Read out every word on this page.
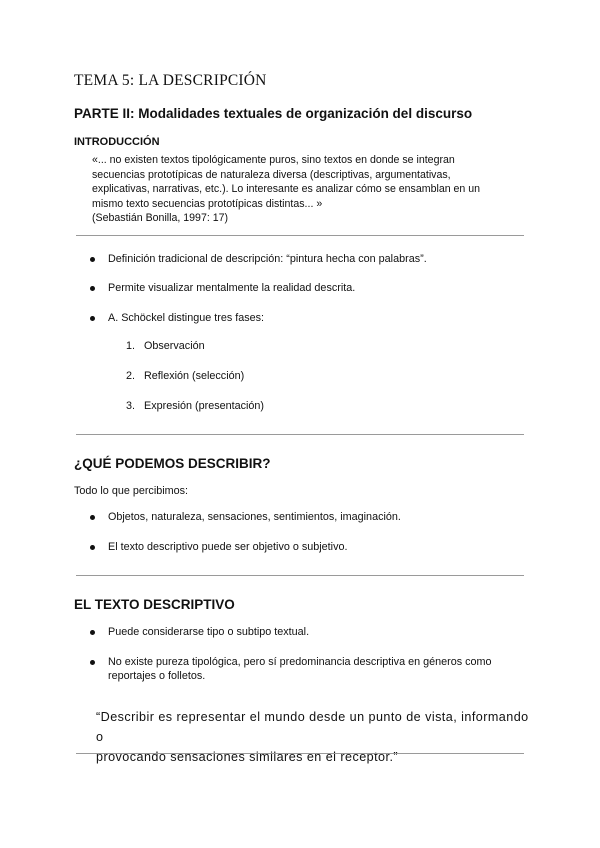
TEMA 5: LA DESCRIPCIÓN
PARTE II: Modalidades textuales de organización del discurso
INTRODUCCIÓN
«... no existen textos tipológicamente puros, sino textos en donde se integran
secuencias prototípicas de naturaleza diversa (descriptivas, argumentativas,
explicativas, narrativas, etc.). Lo interesante es analizar cómo se ensamblan en un
mismo texto secuencias prototípicas distintas... »
(Sebastián Bonilla, 1997: 17)
Definición tradicional de descripción: “pintura hecha con palabras”.
Permite visualizar mentalmente la realidad descrita.
A. Schöckel distingue tres fases:
1. Observación
2. Reflexión (selección)
3. Expresión (presentación)
¿QUÉ PODEMOS DESCRIBIR?
Todo lo que percibimos:
Objetos, naturaleza, sensaciones, sentimientos, imaginación.
El texto descriptivo puede ser objetivo o subjetivo.
EL TEXTO DESCRIPTIVO
Puede considerarse tipo o subtipo textual.
No existe pureza tipológica, pero sí predominancia descriptiva en géneros como
reportajes o folletos.
“Describir es representar el mundo desde un punto de vista, informando o
provocando sensaciones similares en el receptor.”
